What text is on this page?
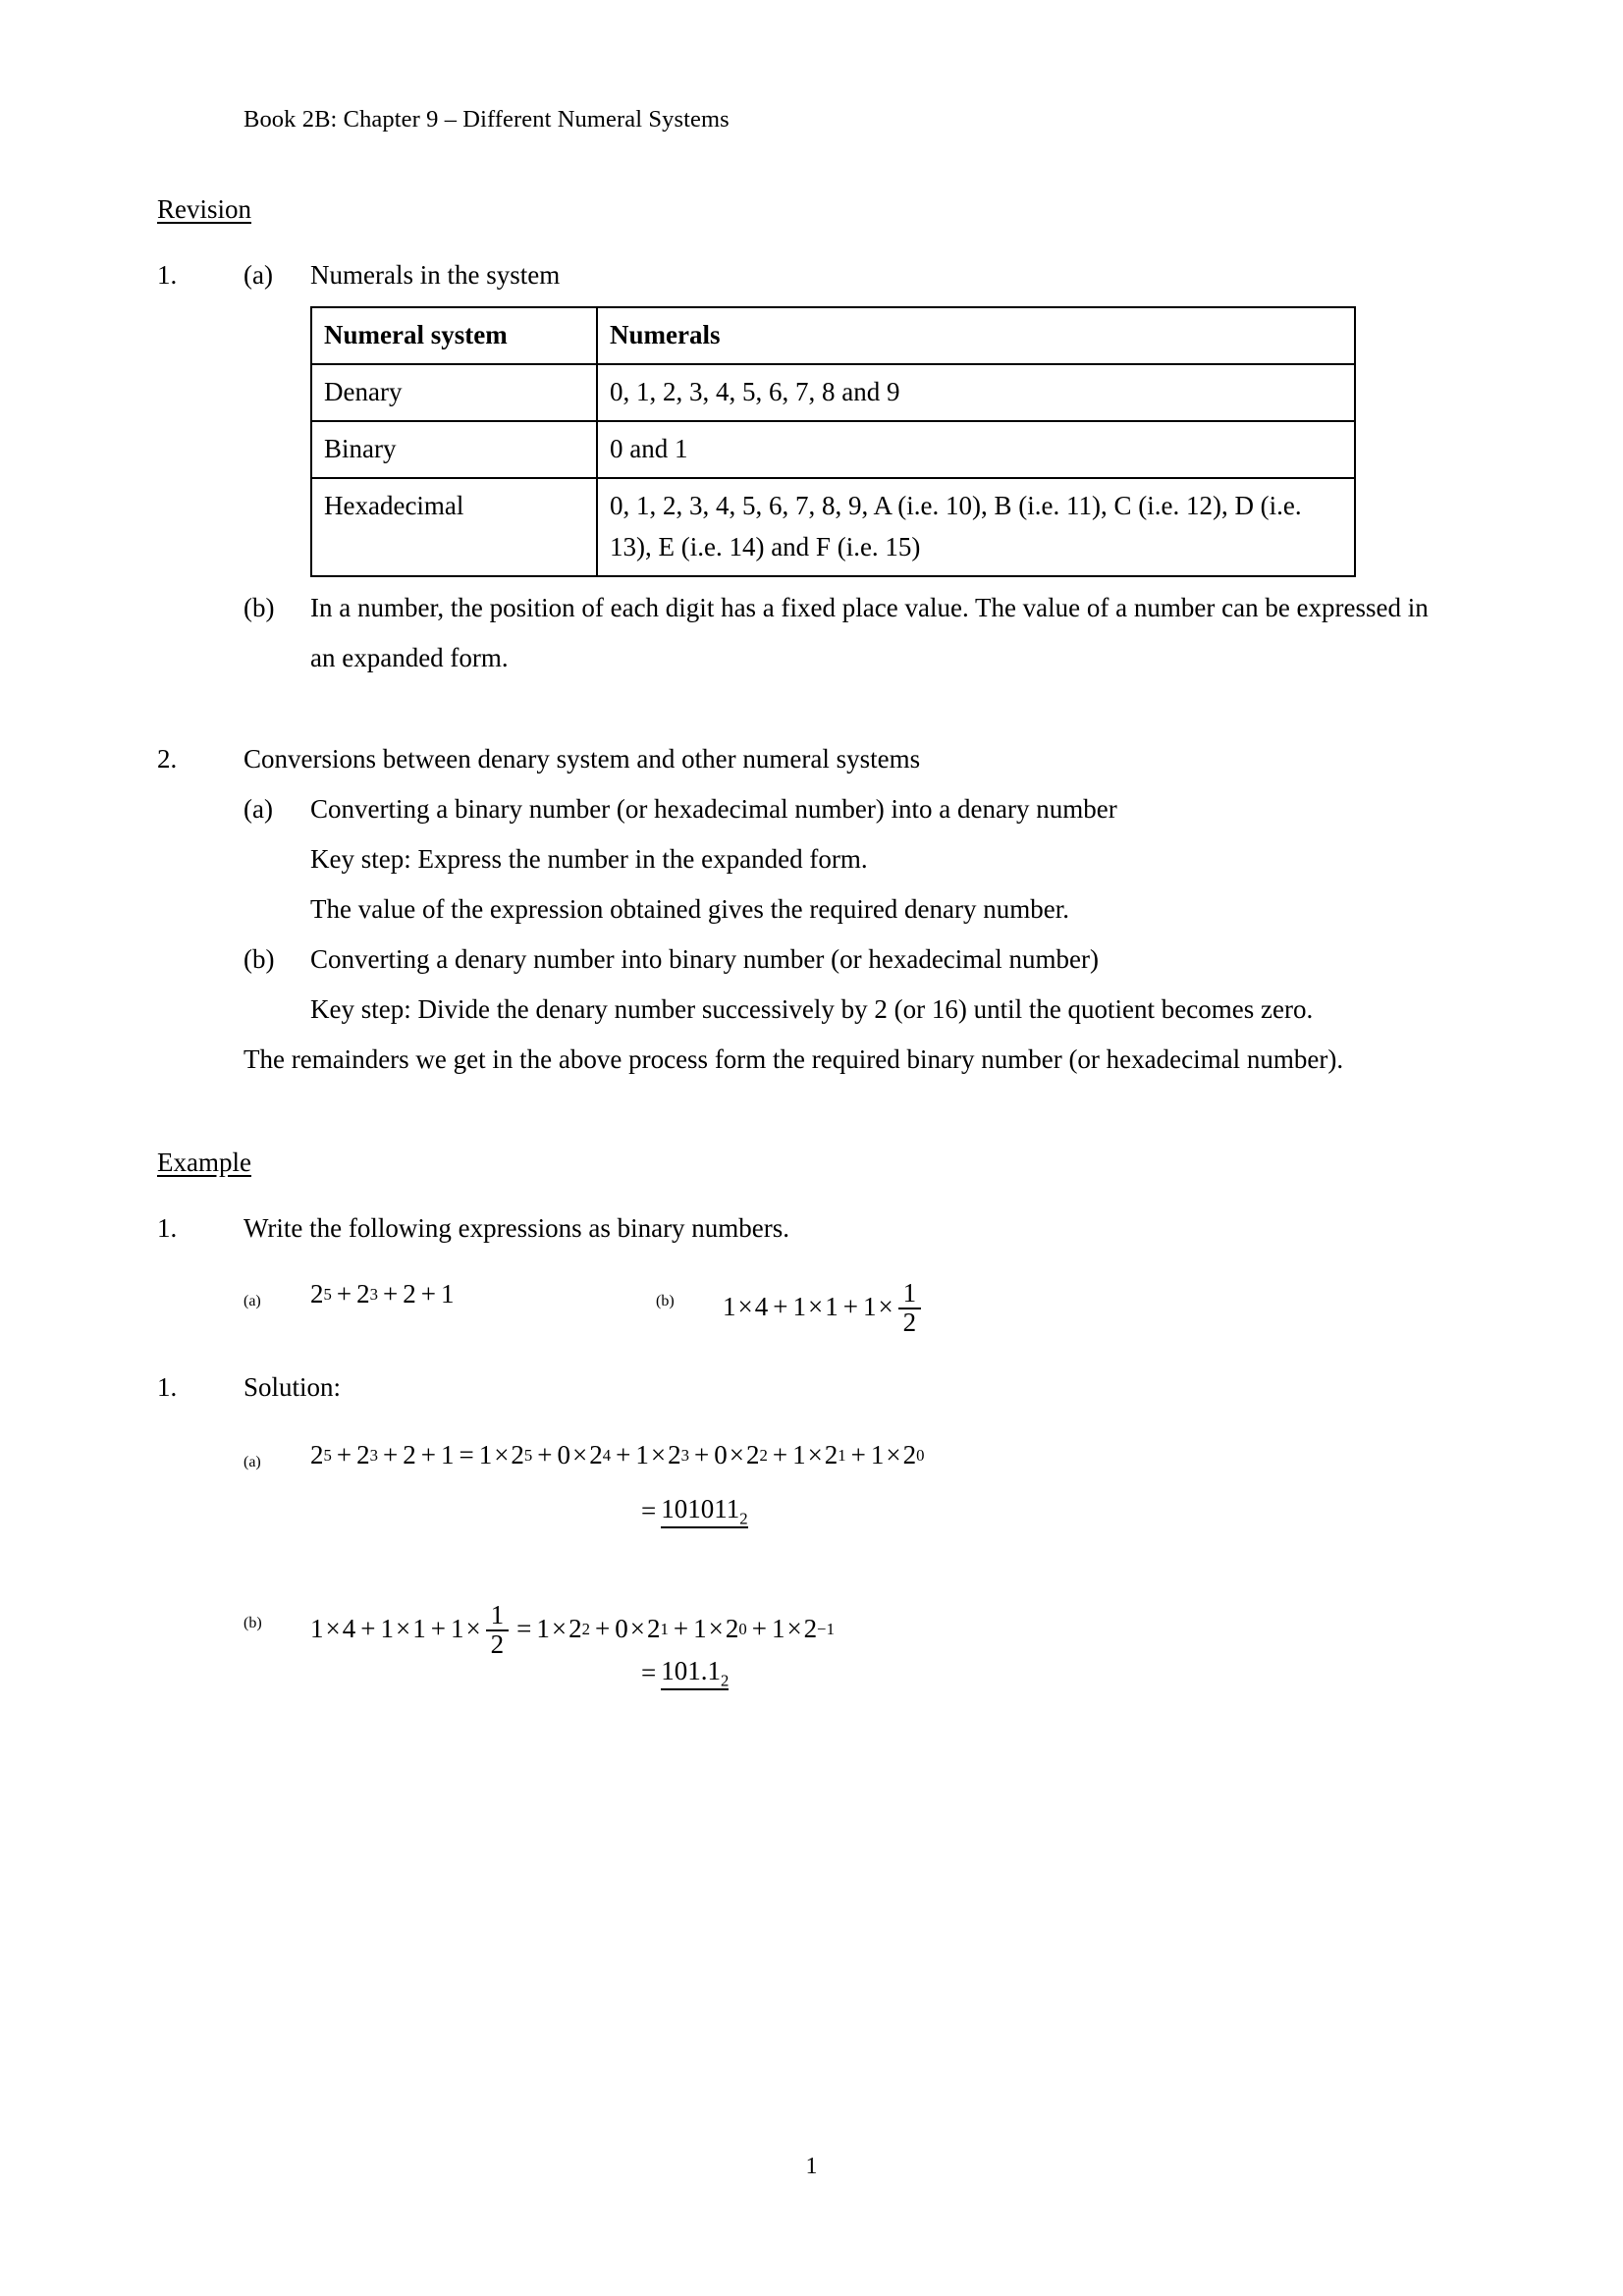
Book 2B: Chapter 9 – Different Numeral Systems
Revision
1.	(a)	Numerals in the system
Numeral system	Numerals
Denary	0, 1, 2, 3, 4, 5, 6, 7, 8 and 9
Binary	0 and 1
Hexadecimal	0, 1, 2, 3, 4, 5, 6, 7, 8, 9, A (i.e. 10), B (i.e. 11), C (i.e. 12), D (i.e. 13), E (i.e. 14) and F (i.e. 15)
(b)	In a number, the position of each digit has a fixed place value. The value of a number can be expressed in an expanded form.
2.	Conversions between denary system and other numeral systems
(a)	Converting a binary number (or hexadecimal number) into a denary number
Key step: Express the number in the expanded form.
The value of the expression obtained gives the required denary number.
(b)	Converting a denary number into binary number (or hexadecimal number)
Key step: Divide the denary number successively by 2 (or 16) until the quotient becomes zero.
The remainders we get in the above process form the required binary number (or hexadecimal number).
Example
1.	Write the following expressions as binary numbers.
(a)	2 5 + 2 3 + 2 + 1	(b)	$1 \times 4 + 1 \times 1 + 1 \times \frac{1}{2}$
1.	Solution:
(a)	2 5 + 2 3 + 2 + 1 = 1 × 2 5 + 0 × 2 4 + 1 × 2 3 + 0 × 2 2 + 1 × 2 1 + 1 × 2 0
= $101011_2$
(b)	$1 \times 4 + 1 \times 1 + 1 \times \frac{1}{2} = 1 \times 2$ 2 + 0 × 2 1 + 1 × 2 0 + 1 × 2 −1
= $101.1_2$
1
